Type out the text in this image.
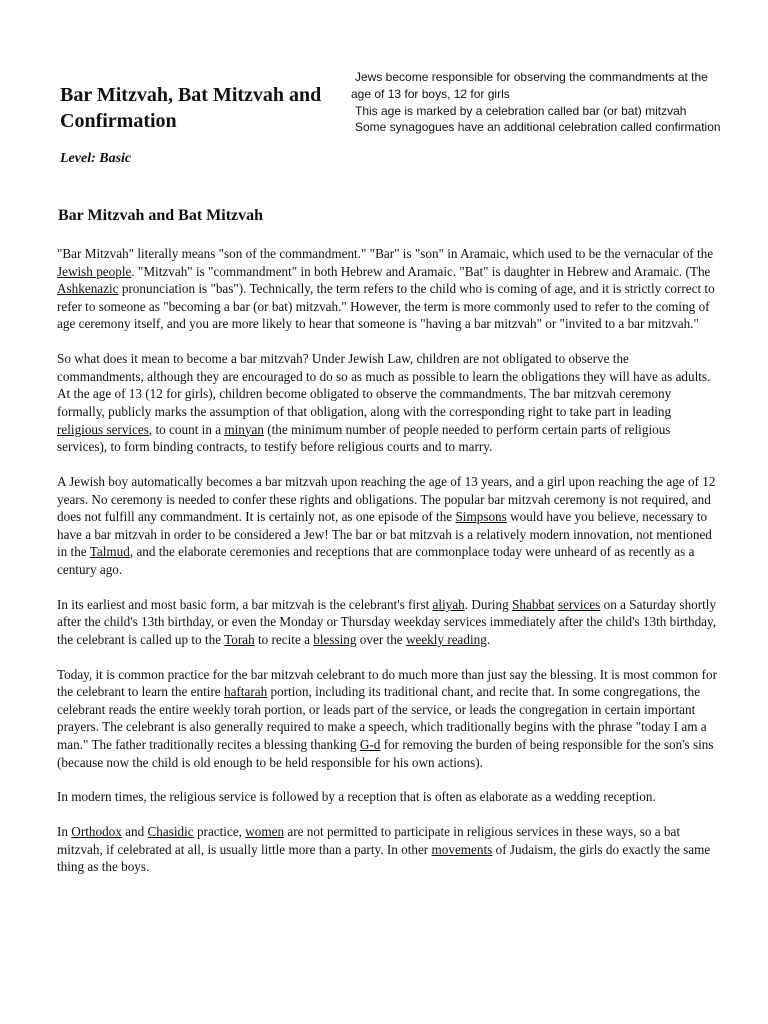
Bar Mitzvah, Bat Mitzvah and Confirmation
Level: Basic
Jews become responsible for observing the commandments at the age of 13 for boys, 12 for girls
This age is marked by a celebration called bar (or bat) mitzvah
Some synagogues have an additional celebration called confirmation
Bar Mitzvah and Bat Mitzvah

"Bar Mitzvah" literally means "son of the commandment." "Bar" is "son" in Aramaic, which used to be the vernacular of the Jewish people. "Mitzvah" is "commandment" in both Hebrew and Aramaic. "Bat" is daughter in Hebrew and Aramaic. (The Ashkenazic pronunciation is "bas"). Technically, the term refers to the child who is coming of age, and it is strictly correct to refer to someone as "becoming a bar (or bat) mitzvah." However, the term is more commonly used to refer to the coming of age ceremony itself, and you are more likely to hear that someone is "having a bar mitzvah" or "invited to a bar mitzvah."

So what does it mean to become a bar mitzvah? Under Jewish Law, children are not obligated to observe the commandments, although they are encouraged to do so as much as possible to learn the obligations they will have as adults. At the age of 13 (12 for girls), children become obligated to observe the commandments. The bar mitzvah ceremony formally, publicly marks the assumption of that obligation, along with the corresponding right to take part in leading religious services, to count in a minyan (the minimum number of people needed to perform certain parts of religious services), to form binding contracts, to testify before religious courts and to marry.

A Jewish boy automatically becomes a bar mitzvah upon reaching the age of 13 years, and a girl upon reaching the age of 12 years. No ceremony is needed to confer these rights and obligations. The popular bar mitzvah ceremony is not required, and does not fulfill any commandment. It is certainly not, as one episode of the Simpsons would have you believe, necessary to have a bar mitzvah in order to be considered a Jew! The bar or bat mitzvah is a relatively modern innovation, not mentioned in the Talmud, and the elaborate ceremonies and receptions that are commonplace today were unheard of as recently as a century ago.

In its earliest and most basic form, a bar mitzvah is the celebrant's first aliyah. During Shabbat services on a Saturday shortly after the child's 13th birthday, or even the Monday or Thursday weekday services immediately after the child's 13th birthday, the celebrant is called up to the Torah to recite a blessing over the weekly reading.

Today, it is common practice for the bar mitzvah celebrant to do much more than just say the blessing. It is most common for the celebrant to learn the entire haftarah portion, including its traditional chant, and recite that. In some congregations, the celebrant reads the entire weekly torah portion, or leads part of the service, or leads the congregation in certain important prayers. The celebrant is also generally required to make a speech, which traditionally begins with the phrase "today I am a man." The father traditionally recites a blessing thanking G-d for removing the burden of being responsible for the son's sins (because now the child is old enough to be held responsible for his own actions).

In modern times, the religious service is followed by a reception that is often as elaborate as a wedding reception.

In Orthodox and Chasidic practice, women are not permitted to participate in religious services in these ways, so a bat mitzvah, if celebrated at all, is usually little more than a party. In other movements of Judaism, the girls do exactly the same thing as the boys.
